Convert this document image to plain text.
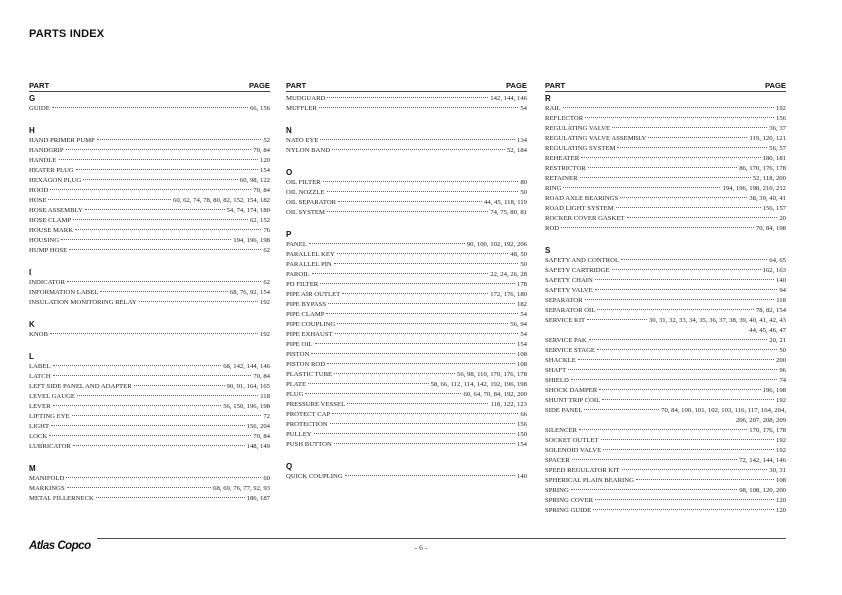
PARTS INDEX
PART	PAGE
G
GUIDE	66, 156
H
HAND PRIMER PUMP	52
HANDGRIP	70, 84
HANDLE	120
HEATER PLUG	154
HEXAGON PLUG	60, 98, 122
HOOD	70, 84
HOSE	60, 62, 74, 78, 80, 82, 152, 154, 182
HOSE ASSEMBLY	54, 74, 174, 180
HOSE CLAMP	62, 152
HOUSE MARK	76
HOUSING	194, 196, 198
HUMP HOSE	62
I
INDICATOR	62
INFORMATION LABEL	68, 76, 92, 154
INSULATION MONITORING RELAY	192
K
KNOB	192
L
LABEL	68, 142, 144, 146
LATCH	70, 84
LEFT SIDE PANEL AND ADAPTER	90, 91, 164, 165
LEVEL GAUGE	118
LEVER	56, 150, 196, 198
LIFTING EYE	72
LIGHT	156, 204
LOCK	70, 84
LUBRICATOR	148, 149
M
MANIFOLD	60
MARKINGS	68, 69, 76, 77, 92, 93
METAL FILLERNECK	186, 187
PART	PAGE
MUDGUARD	142, 144, 146
MUFFLER	54
N
NATO EYE	134
NYLON BAND	52, 184
O
OIL FILTER	80
OIL NOZZLE	50
OIL SEPARATOR	44, 45, 118, 119
OIL SYSTEM	74, 75, 80, 81
P
PANEL	90, 100, 102, 192, 206
PARALLEL KEY	48, 50
PARALLEL PIN	50
PAROIL	22, 24, 26, 28
PD FILTER	178
PIPE AIR OUTLET	172, 176, 180
PIPE BYPASS	182
PIPE CLAMP	54
PIPE COUPLING	56, 94
PIPE EXHAUST	54
PIPE OIL	154
PISTON	108
PISTON ROD	108
PLASTIC TUBE	56, 98, 110, 170, 176, 178
PLATE	58, 66, 112, 114, 142, 192, 196, 198
PLUG	60, 64, 70, 84, 192, 200
PRESSURE VESSEL	118, 122, 123
PROTECT CAP	66
PROTECTION	156
PULLEY	150
PUSH BUTTON	154
Q
QUICK COUPLING	140
PART	PAGE
R
RAIL	192
REFLECTOR	156
REGULATING VALVE	36, 37
REGULATING VALVE ASSEMBLY	119, 120, 121
REGULATING SYSTEM	56, 57
REHEATER	180, 181
RESTRICTOR	86, 170, 176, 178
RETAINER	52, 118, 200
RING	194, 196, 198, 210, 212
ROAD AXLE BEARINGS	38, 39, 40, 41
ROAD LIGHT SYSTEM	156, 157
ROCKER COVER GASKET	20
ROD	70, 84, 198
S
SAFETY AND CONTROL	64, 65
SAFETY CARTRIDGE	162, 163
SAFETY CHAIN	140
SAFETY VALVE	94
SEPARATOR	118
SEPARATOR OIL	78, 82, 154
SERVICE KIT	30, 31, 32, 33, 34, 35, 36, 37, 38, 39, 40, 41, 42, 43
44, 45, 46, 47
SERVICE PAK	20, 21
SERVICE STAGE	50
SHACKLE	200
SHAFT	96
SHIELD	74
SHOCK DAMPER	196, 198
SHUNT TRIP COIL	192
SIDE PANEL	70, 84, 100, 101, 102, 103, 116, 117, 164, 204,
206, 207, 208, 209
SILENCER	170, 176, 178
SOCKET OUTLET	192
SOLENOID VALVE	192
SPACER	72, 142, 144, 146
SPEED REGULATOR KIT	30, 31
SPHERICAL PLAIN BEARING	108
SPRING	98, 108, 120, 200
SPRING COVER	120
SPRING GUIDE	120
Atlas Copco	- 6 -
